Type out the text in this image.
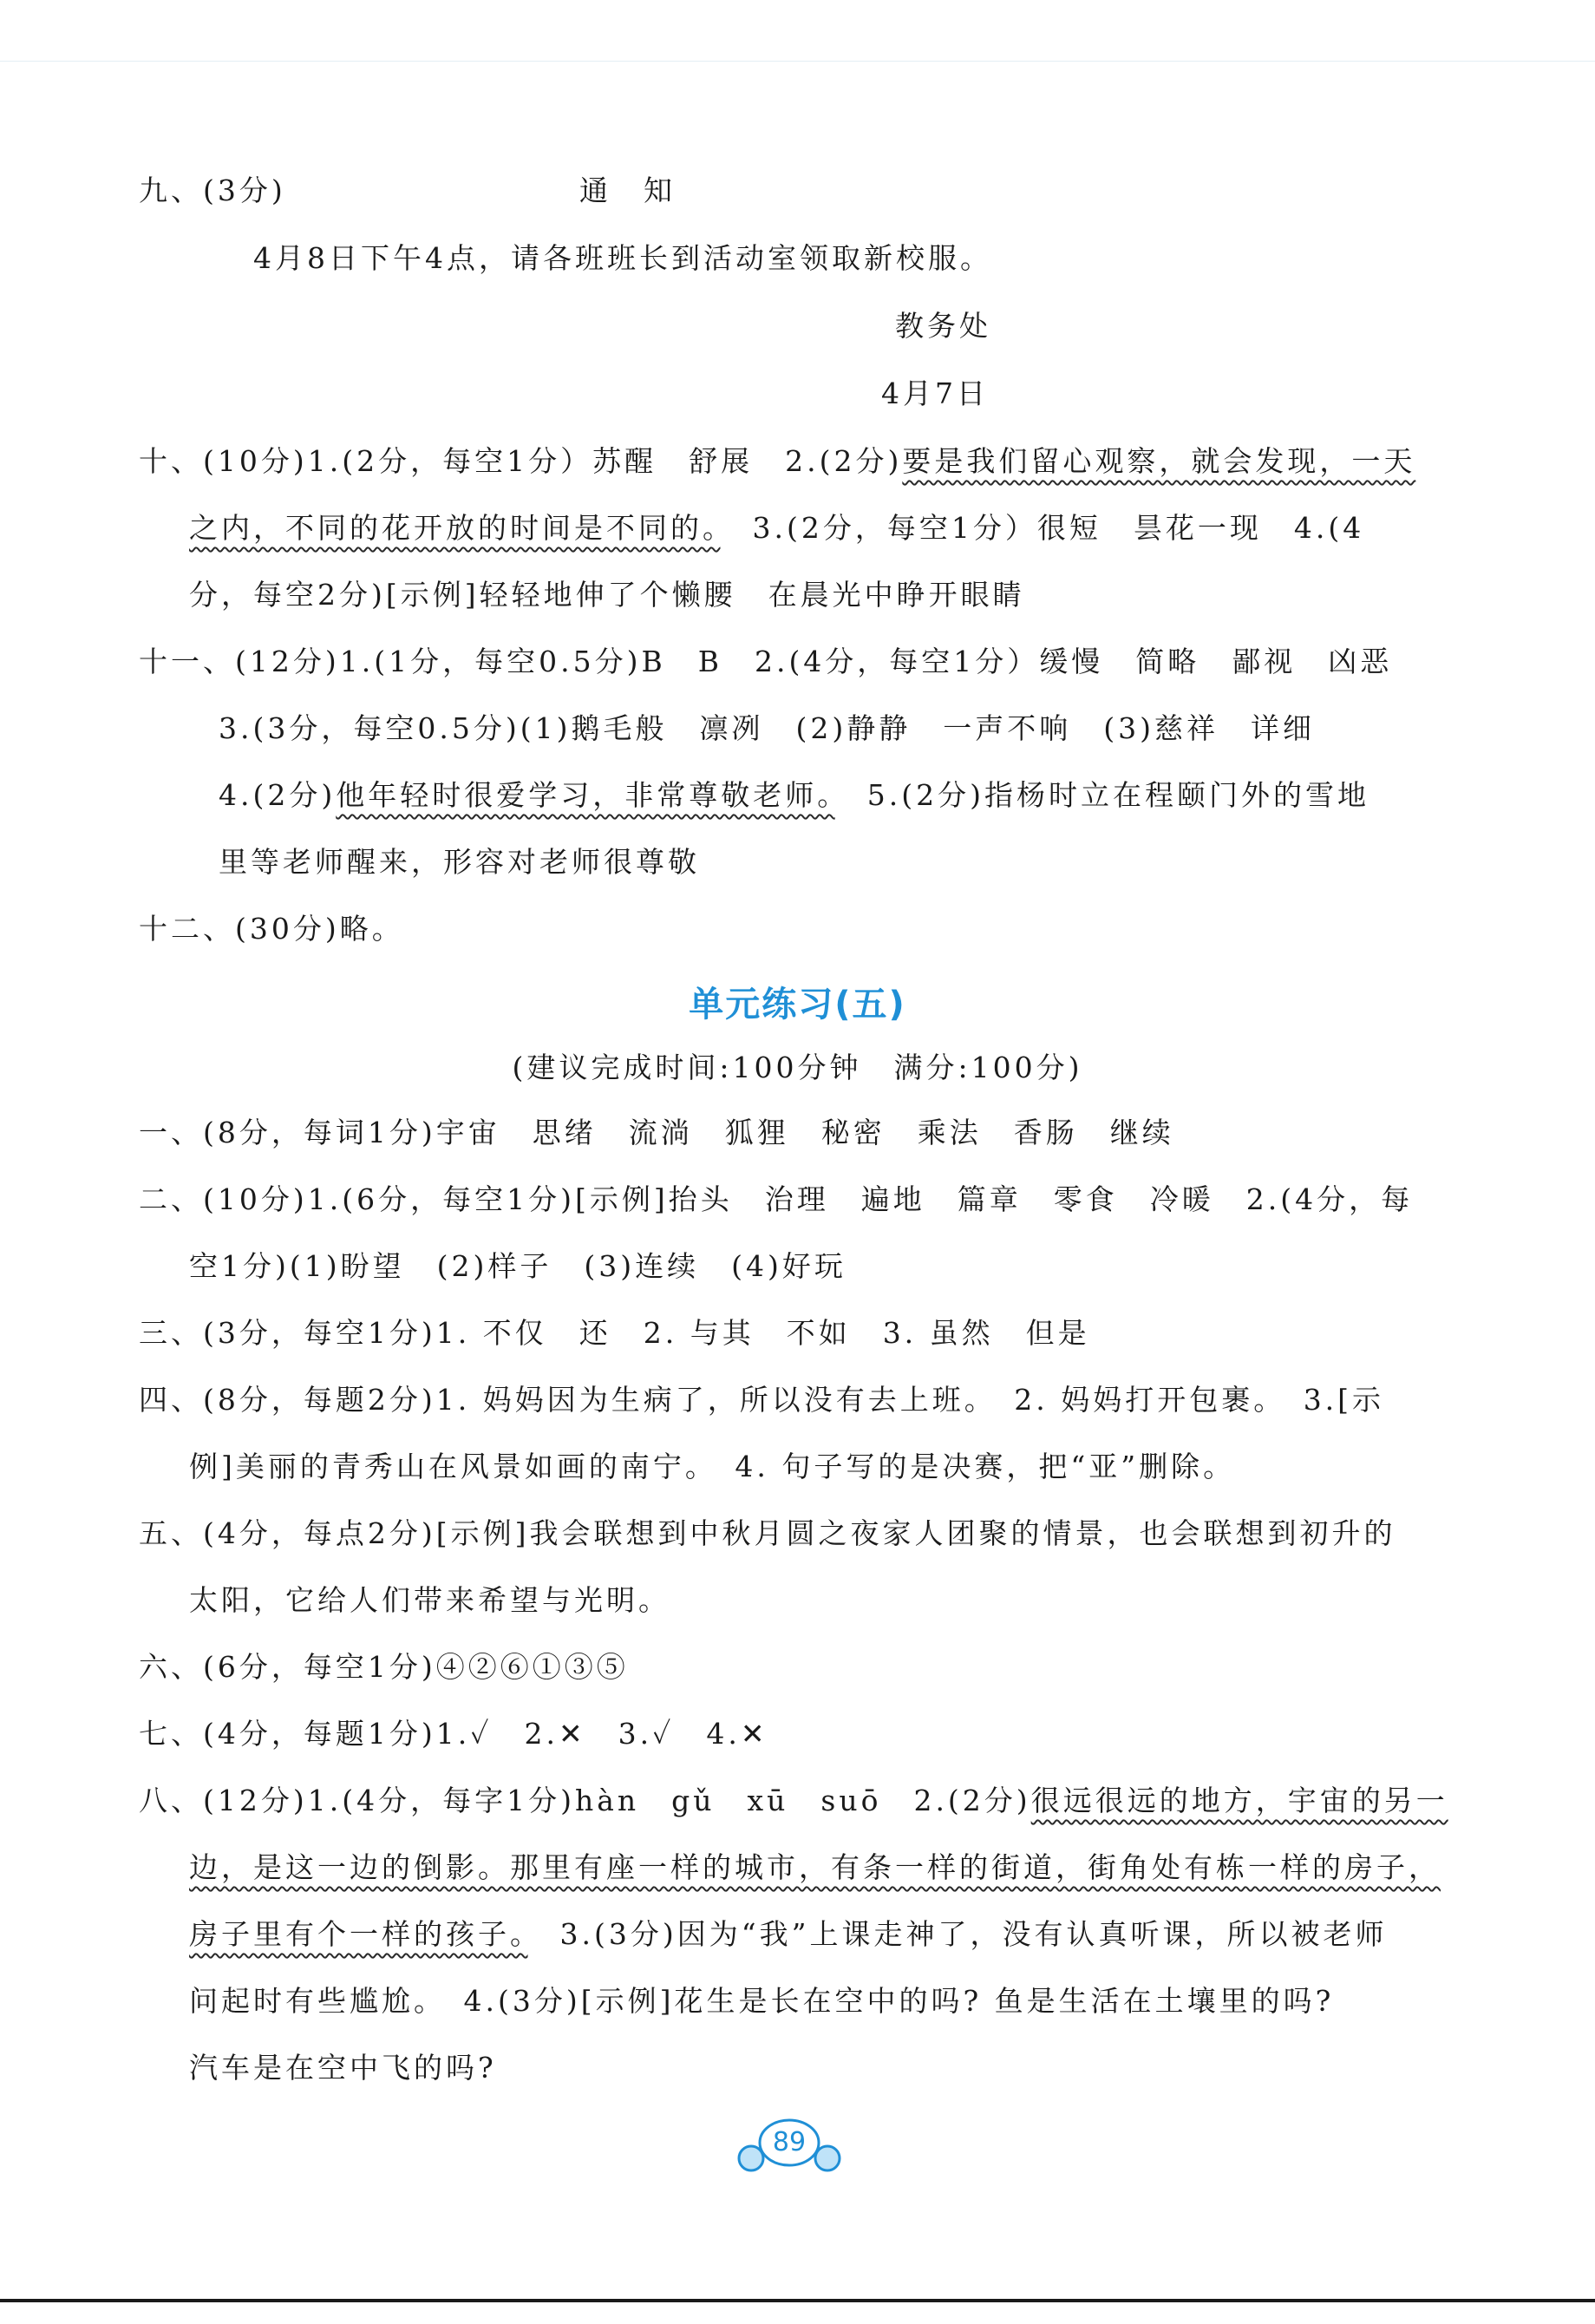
九、(3分)	通　知
4月8日下午4点，请各班班长到活动室领取新校服。
教务处
4月7日
十、(10分)1.(2分，每空1分）苏醒　舒展　2.(2分)要是我们留心观察，就会发现，一天
之内，不同的花开放的时间是不同的。　3.(2分，每空1分）很短　昙花一现　4.(4
分，每空2分)[示例]轻轻地伸了个懒腰　在晨光中睁开眼睛
十一、(12分)1.(1分，每空0.5分)B　B　2.(4分，每空1分）缓慢　简略　鄙视　凶恶
3.(3分，每空0.5分)(1)鹅毛般　凛冽　(2)静静　一声不响　(3)慈祥　详细
4.(2分)他年轻时很爱学习，非常尊敬老师。　5.(2分)指杨时立在程颐门外的雪地
里等老师醒来，形容对老师很尊敬
十二、(30分)略。
单元练习(五)
(建议完成时间:100分钟　满分:100分)
一、(8分，每词1分)宇宙　思绪　流淌　狐狸　秘密　乘法　香肠　继续
二、(10分)1.(6分，每空1分)[示例]抬头　治理　遍地　篇章　零食　冷暖　2.(4分，每
空1分)(1)盼望　(2)样子　(3)连续　(4)好玩
三、(3分，每空1分)1. 不仅　还　2. 与其　不如　3. 虽然　但是
四、(8分，每题2分)1. 妈妈因为生病了，所以没有去上班。　2. 妈妈打开包裹。　3.[示
例]美丽的青秀山在风景如画的南宁。　4. 句子写的是决赛，把“亚”删除。
五、(4分，每点2分)[示例]我会联想到中秋月圆之夜家人团聚的情景，也会联想到初升的
太阳，它给人们带来希望与光明。
六、(6分，每空1分)④②⑥①③⑤
七、(4分，每题1分)1.✓　2.✕　3.✓　4.✕
八、(12分)1.(4分，每字1分)hàn　gǔ　xū　suō　2.(2分)很远很远的地方，宇宙的另一
边，是这一边的倒影。那里有座一样的城市，有条一样的街道，街角处有栋一样的房子，
房子里有个一样的孩子。　3.(3分)因为“我”上课走神了，没有认真听课，所以被老师
问起时有些尴尬。　4.(3分)[示例]花生是长在空中的吗? 鱼是生活在土壤里的吗?
汽车是在空中飞的吗?
89
